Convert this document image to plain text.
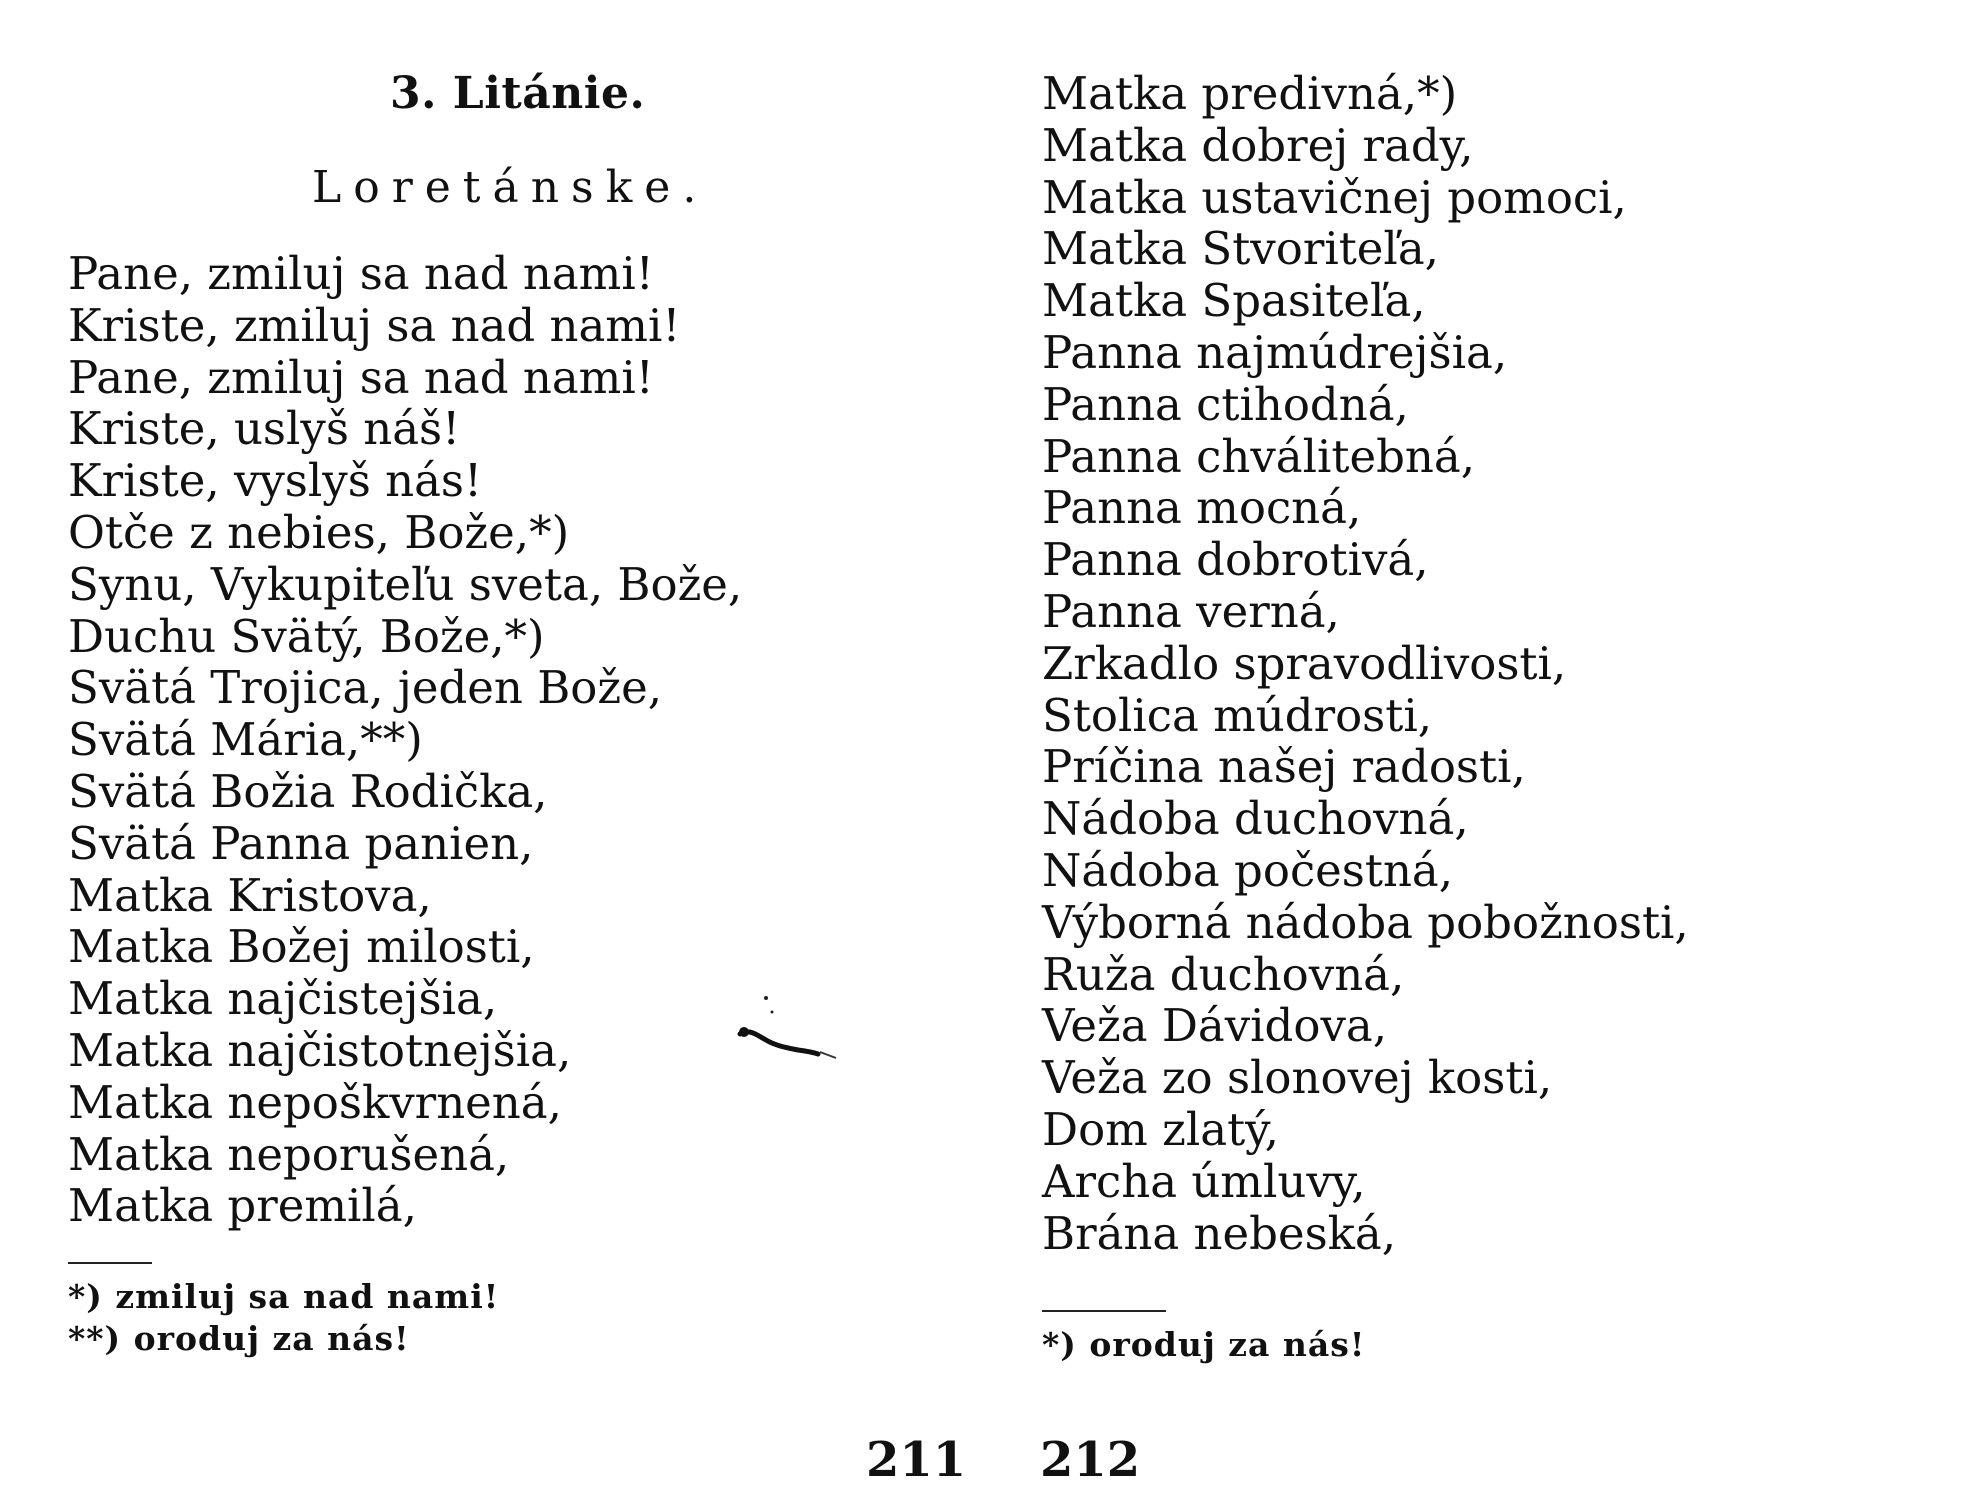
3. Litánie.
Loretánske.
Pane, zmiluj sa nad nami!
Kriste, zmiluj sa nad nami!
Pane, zmiluj sa nad nami!
Kriste, uslyš náš!
Kriste, vyslyš nás!
Otče z nebies, Bože,*)
Synu, Vykupiteľu sveta, Bože,
Duchu Svätý, Bože,*)
Svätá Trojica, jeden Bože,
Svätá Mária,**)
Svätá Božia Rodička,
Svätá Panna panien,
Matka Kristova,
Matka Božej milosti,
Matka najčistejšia,
Matka najčistotnejšia,
Matka nepoškvrnená,
Matka neporušená,
Matka premilá,
*) zmiluj sa nad nami!
**) oroduj za nás!
211
Matka predivná,*)
Matka dobrej rady,
Matka ustavičnej pomoci,
Matka Stvoriteľa,
Matka Spasiteľa,
Panna najmúdrejšia,
Panna ctihodná,
Panna chválitebná,
Panna mocná,
Panna dobrotivá,
Panna verná,
Zrkadlo spravodlivosti,
Stolica múdrosti,
Príčina našej radosti,
Nádoba duchovná,
Nádoba počestná,
Výborná nádoba pobožnosti,
Ruža duchovná,
Veža Dávidova,
Veža zo slonovej kosti,
Dom zlatý,
Archa úmluvy,
Brána nebeská,
*) oroduj za nás!
212
